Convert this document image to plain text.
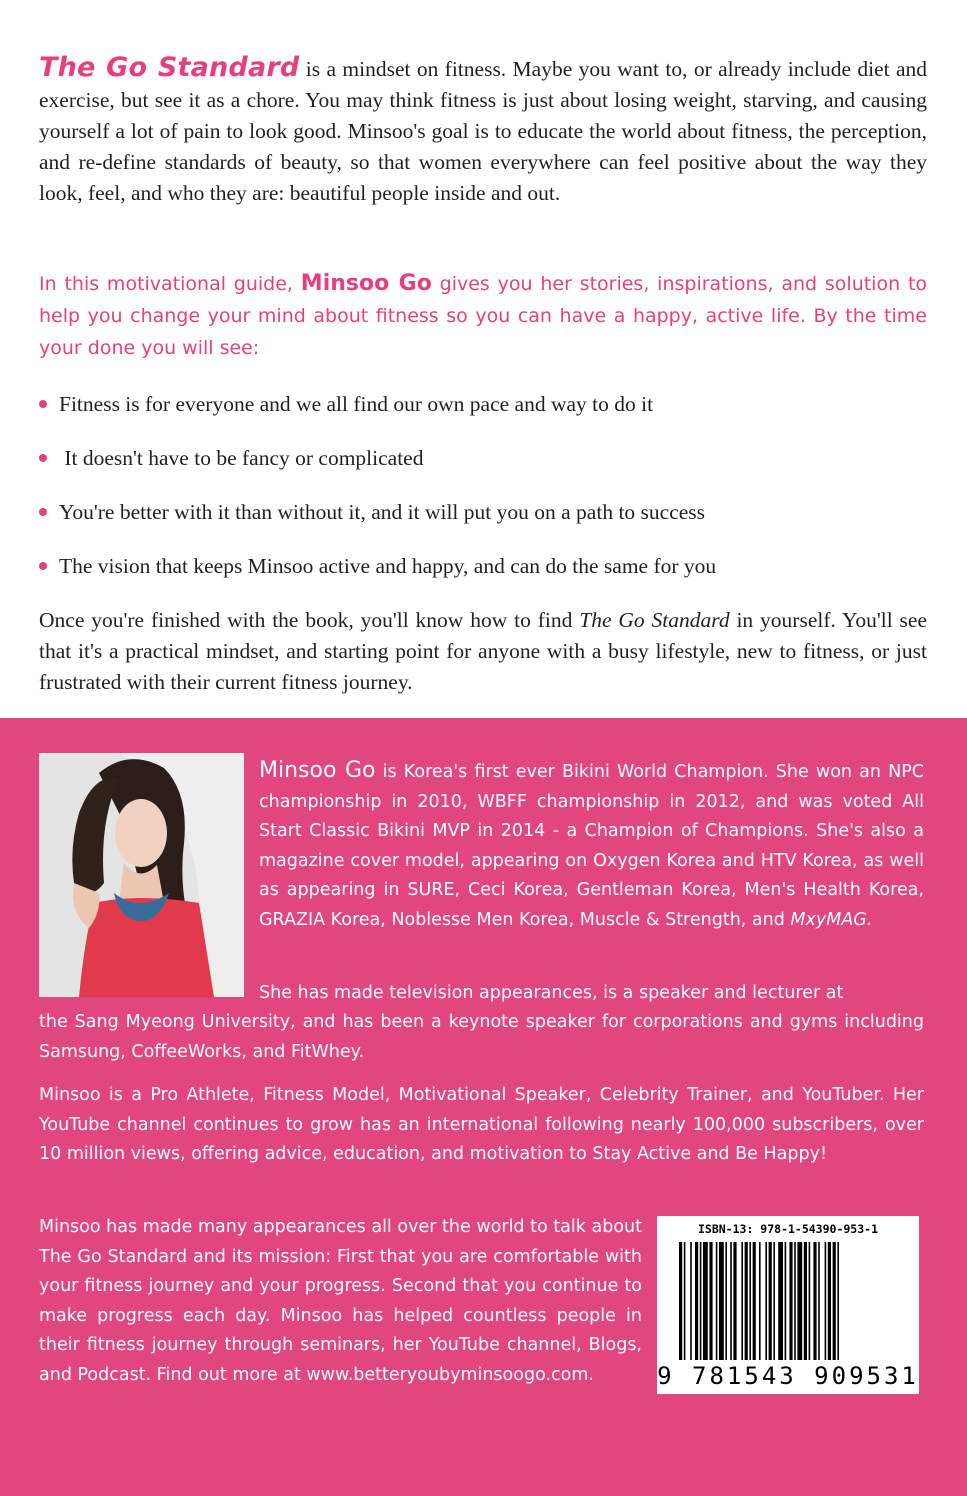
The Go Standard is a mindset on fitness. Maybe you want to, or already include diet and exercise, but see it as a chore. You may think fitness is just about losing weight, starving, and causing yourself a lot of pain to look good. Minsoo's goal is to educate the world about fitness, the perception, and re-define standards of beauty, so that women everywhere can feel positive about the way they look, feel, and who they are: beautiful people inside and out.

In this motivational guide, Minsoo Go gives you her stories, inspirations, and solution to help you change your mind about fitness so you can have a happy, active life. By the time your done you will see:

Fitness is for everyone and we all find our own pace and way to do it
It doesn't have to be fancy or complicated
You're better with it than without it, and it will put you on a path to success
The vision that keeps Minsoo active and happy, and can do the same for you

Once you're finished with the book, you'll know how to find The Go Standard in yourself. You'll see that it's a practical mindset, and starting point for anyone with a busy lifestyle, new to fitness, or just frustrated with their current fitness journey.

Minsoo Go is Korea's first ever Bikini World Champion. She won an NPC championship in 2010, WBFF championship in 2012, and was voted All Start Classic Bikini MVP in 2014 - a Champion of Champions. She's also a magazine cover model, appearing on Oxygen Korea and HTV Korea, as well as appearing in SURE, Ceci Korea, Gentleman Korea, Men's Health Korea, GRAZIA Korea, Noblesse Men Korea, Muscle & Strength, and MxyMAG.

She has made television appearances, is a speaker and lecturer at

the Sang Myeong University, and has been a keynote speaker for corporations and gyms including Samsung, CoffeeWorks, and FitWhey.

Minsoo is a Pro Athlete, Fitness Model, Motivational Speaker, Celebrity Trainer, and YouTuber. Her YouTube channel continues to grow has an international following nearly 100,000 subscribers, over 10 million views, offering advice, education, and motivation to Stay Active and Be Happy!

Minsoo has made many appearances all over the world to talk about The Go Standard and its mission: First that you are comfortable with your fitness journey and your progress. Second that you continue to make progress each day. Minsoo has helped countless people in their fitness journey through seminars, her YouTube channel, Blogs, and Podcast. Find out more at www.betteryoubyminsoogo.com.

ISBN-13: 978-1-54390-953-1
9 781543 909531
